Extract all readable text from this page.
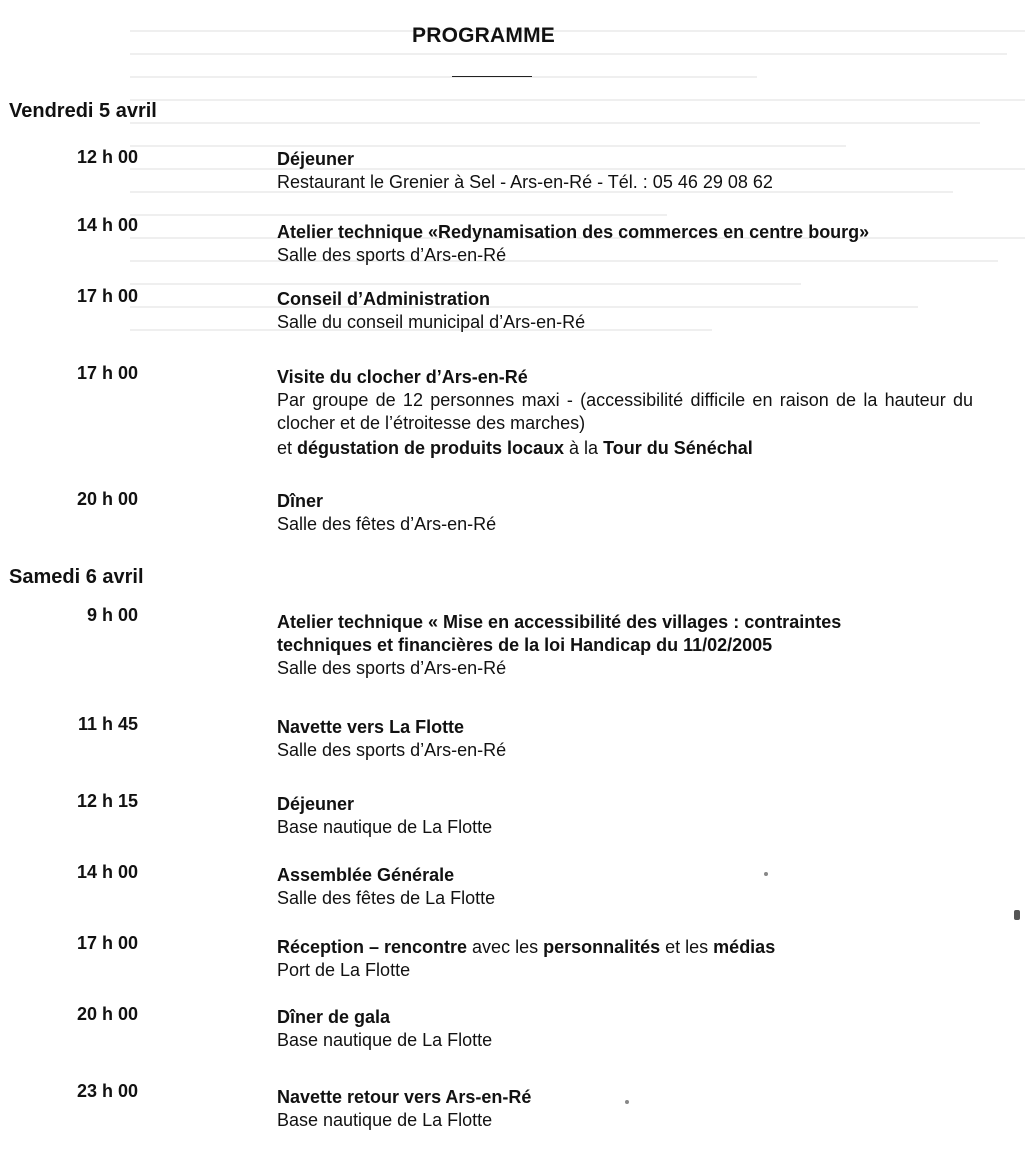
PROGRAMME
Vendredi 5 avril
12 h 00	Déjeuner
Restaurant le Grenier à Sel - Ars-en-Ré - Tél. : 05 46 29 08 62
14 h 00	Atelier technique «Redynamisation des commerces en centre bourg»
Salle des sports d’Ars-en-Ré
17 h 00	Conseil d’Administration
Salle du conseil municipal d’Ars-en-Ré
17 h 00	Visite du clocher d’Ars-en-Ré
Par groupe de 12 personnes maxi - (accessibilité difficile en raison de la hauteur du clocher et de l’étroitesse des marches)
et dégustation de produits locaux à la Tour du Sénéchal
20 h 00	Dîner
Salle des fêtes d’Ars-en-Ré
Samedi 6 avril
9 h 00	Atelier technique « Mise en accessibilité des villages : contraintes
techniques et financières de la loi Handicap du 11/02/2005
Salle des sports d’Ars-en-Ré
11 h 45	Navette vers La Flotte
Salle des sports d’Ars-en-Ré
12 h 15	Déjeuner
Base nautique de La Flotte
14 h 00	Assemblée Générale
Salle des fêtes de La Flotte
17 h 00	Réception – rencontre avec les personnalités et les médias
Port de La Flotte
20 h 00	Dîner de gala
Base nautique de La Flotte
23 h 00	Navette retour vers Ars-en-Ré
Base nautique de La Flotte
